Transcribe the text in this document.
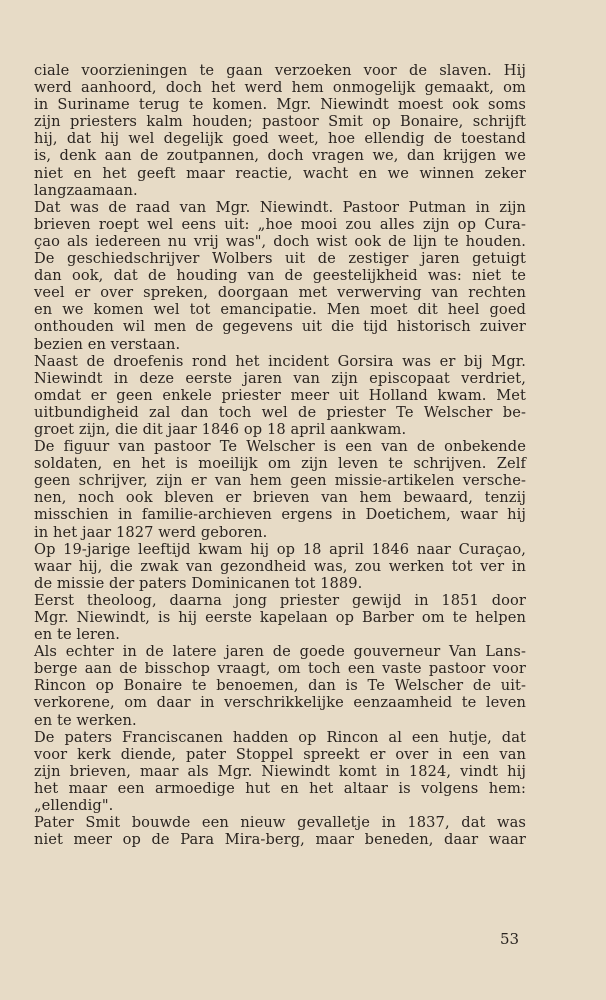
ciale voorzieningen te gaan verzoeken voor de slaven. Hij
werd aanhoord, doch het werd hem onmogelijk gemaakt, om
in Suriname terug te komen. Mgr. Niewindt moest ook soms
zijn priesters kalm houden; pastoor Smit op Bonaire, schrijft
hij, dat hij wel degelijk goed weet, hoe ellendig de toestand
is, denk aan de zoutpannen, doch vragen we, dan krijgen we
niet en het geeft maar reactie, wacht en we winnen zeker
langzaamaan.
Dat was de raad van Mgr. Niewindt. Pastoor Putman in zijn
brieven roept wel eens uit: „hoe mooi zou alles zijn op Cura-
çao als iedereen nu vrij was", doch wist ook de lijn te houden.
De geschiedschrijver Wolbers uit de zestiger jaren getuigt
dan ook, dat de houding van de geestelijkheid was: niet te
veel er over spreken, doorgaan met verwerving van rechten
en we komen wel tot emancipatie. Men moet dit heel goed
onthouden wil men de gegevens uit die tijd historisch zuiver
bezien en verstaan.
Naast de droefenis rond het incident Gorsira was er bij Mgr.
Niewindt in deze eerste jaren van zijn episcopaat verdriet,
omdat er geen enkele priester meer uit Holland kwam. Met
uitbundigheid zal dan toch wel de priester Te Welscher be-
groet zijn, die dit jaar 1846 op 18 april aankwam.
De figuur van pastoor Te Welscher is een van de onbekende
soldaten, en het is moeilijk om zijn leven te schrijven. Zelf
geen schrijver, zijn er van hem geen missie-artikelen versche-
nen, noch ook bleven er brieven van hem bewaard, tenzij
misschien in familie-archieven ergens in Doetichem, waar hij
in het jaar 1827 werd geboren.
Op 19-jarige leeftijd kwam hij op 18 april 1846 naar Curaçao,
waar hij, die zwak van gezondheid was, zou werken tot ver in
de missie der paters Dominicanen tot 1889.
Eerst theoloog, daarna jong priester gewijd in 1851 door
Mgr. Niewindt, is hij eerste kapelaan op Barber om te helpen
en te leren.
Als echter in de latere jaren de goede gouverneur Van Lans-
berge aan de bisschop vraagt, om toch een vaste pastoor voor
Rincon op Bonaire te benoemen, dan is Te Welscher de uit-
verkorene, om daar in verschrikkelijke eenzaamheid te leven
en te werken.
De paters Franciscanen hadden op Rincon al een hutje, dat
voor kerk diende, pater Stoppel spreekt er over in een van
zijn brieven, maar als Mgr. Niewindt komt in 1824, vindt hij
het maar een armoedige hut en het altaar is volgens hem:
„ellendig".
Pater Smit bouwde een nieuw gevalletje in 1837, dat was
niet meer op de Para Mira-berg, maar beneden, daar waar
53
